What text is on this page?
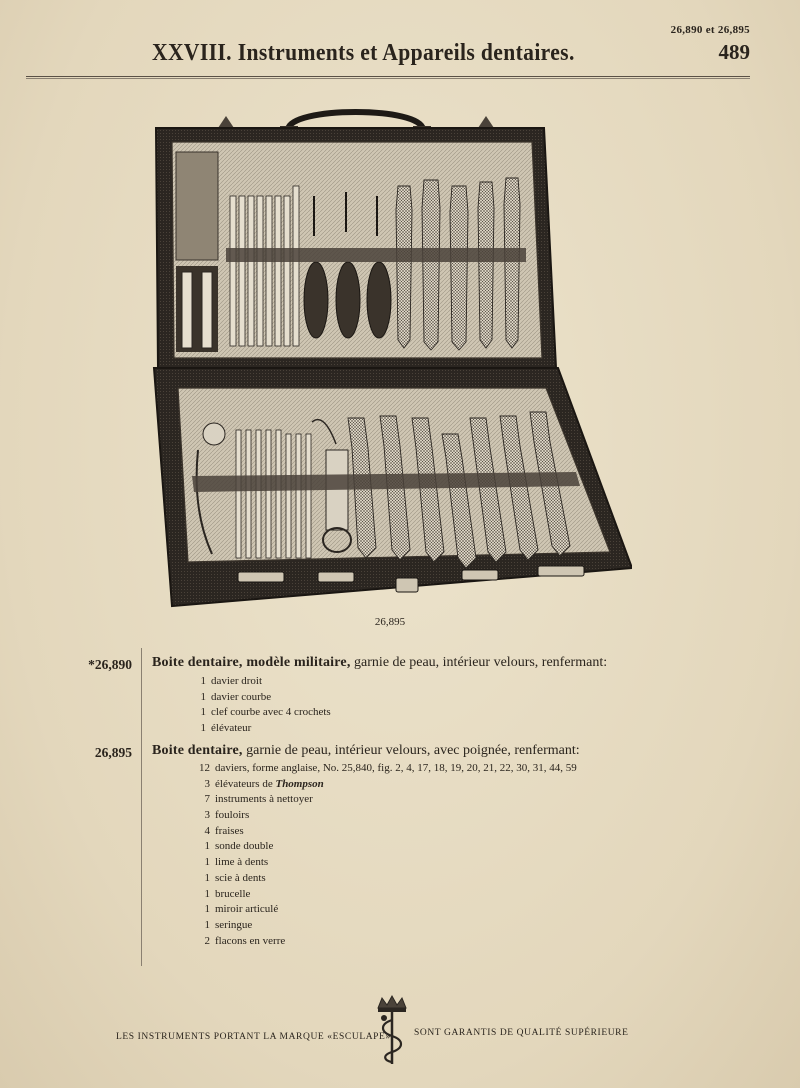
26,890 et 26,895
XXVIII. Instruments et Appareils dentaires.	489
26,895
*26,890 Boite dentaire, modèle militaire, garnie de peau, intérieur velours, renfermant:
1 davier droit
1 davier courbe
1 clef courbe avec 4 crochets
1 élévateur
26,895 Boite dentaire, garnie de peau, intérieur velours, avec poignée, renfermant:
12 daviers, forme anglaise, No. 25,840, fig. 2, 4, 17, 18, 19, 20, 21, 22, 30, 31, 44, 59
3 élévateurs de Thompson
7 instruments à nettoyer
3 fouloirs
4 fraises
1 sonde double
1 lime à dents
1 scie à dents
1 brucelle
1 miroir articulé
1 seringue
2 flacons en verre
LES INSTRUMENTS PORTANT LA MARQUE «ESCULAPE» SONT GARANTIS DE QUALITÉ SUPÉRIEURE
